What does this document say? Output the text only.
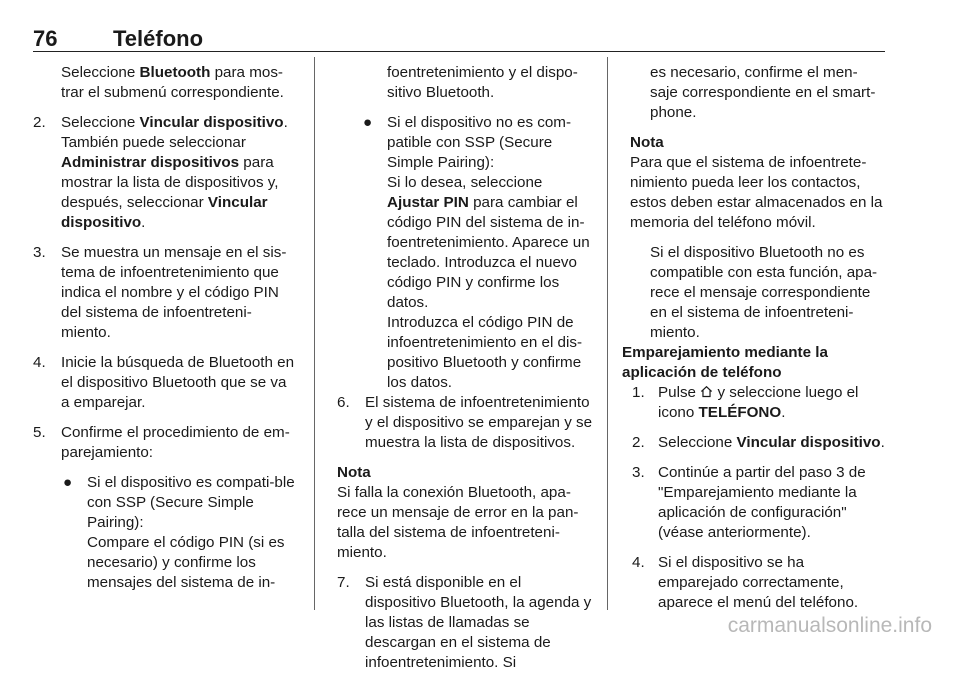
76	Teléfono

Seleccione Bluetooth para mos-trar el submenú correspondiente.

2. Seleccione Vincular dispositivo.

También puede seleccionar Administrar dispositivos para mostrar la lista de dispositivos y, después, seleccionar Vincular dispositivo.

3. Se muestra un mensaje en el sis-tema de infoentretenimiento que indica el nombre y el código PIN del sistema de infoentreteni-miento.

4. Inicie la búsqueda de Bluetooth en el dispositivo Bluetooth que se va a emparejar.

5. Confirme el procedimiento de em-parejamiento:

● Si el dispositivo es compati-ble con SSP (Secure Simple Pairing):

Compare el código PIN (si es necesario) y confirme los mensajes del sistema de in-

foentretenimiento y el dispo-sitivo Bluetooth.

● Si el dispositivo no es com-patible con SSP (Secure Simple Pairing):

Si lo desea, seleccione Ajustar PIN para cambiar el código PIN del sistema de in-foentretenimiento. Aparece un teclado. Introduzca el nuevo código PIN y confirme los datos.

Introduzca el código PIN de infoentretenimiento en el dis-positivo Bluetooth y confirme los datos.

6. El sistema de infoentretenimiento y el dispositivo se emparejan y se muestra la lista de dispositivos.

Nota

Si falla la conexión Bluetooth, apa-rece un mensaje de error en la pan-talla del sistema de infoentreteni-miento.

7. Si está disponible en el dispositivo Bluetooth, la agenda y las listas de llamadas se descargan en el sistema de infoentretenimiento. Si

es necesario, confirme el men-saje correspondiente en el smart-phone.

Nota

Para que el sistema de infoentrete-nimiento pueda leer los contactos, estos deben estar almacenados en la memoria del teléfono móvil.

Si el dispositivo Bluetooth no es compatible con esta función, apa-rece el mensaje correspondiente en el sistema de infoentreteni-miento.

Emparejamiento mediante la aplicación de teléfono

1. Pulse  y seleccione luego el icono TELÉFONO.

2. Seleccione Vincular dispositivo.

3. Continúe a partir del paso 3 de "Emparejamiento mediante la aplicación de configuración" (véase anteriormente).

4. Si el dispositivo se ha emparejado correctamente, aparece el menú del teléfono.

carmanualsonline.info
